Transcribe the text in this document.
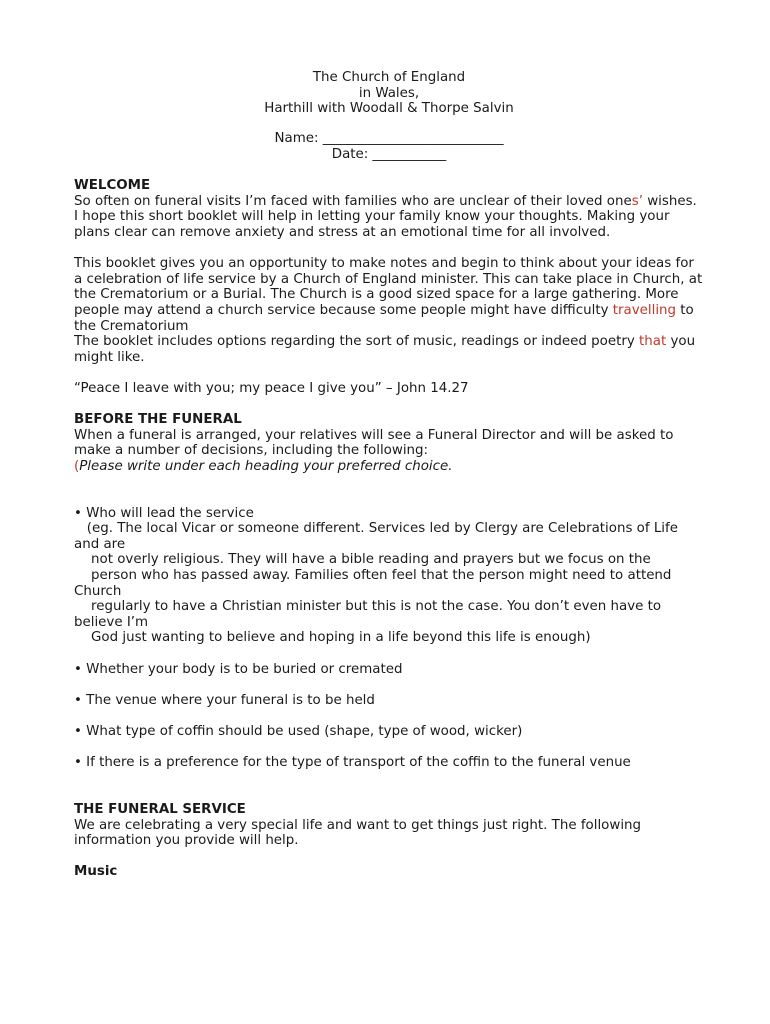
The Church of England

in Wales,

Harthill with Woodall & Thorpe Salvin

Name: ___________________________

Date: ___________

WELCOME

So often on funeral visits I’m faced with families who are unclear of their loved ones’ wishes. I hope this short booklet will help in letting your family know your thoughts. Making your plans clear can remove anxiety and stress at an emotional time for all involved.

This booklet gives you an opportunity to make notes and begin to think about your ideas for a celebration of life service by a Church of England minister. This can take place in Church, at the Crematorium or a Burial. The Church is a good sized space for a large gathering. More people may attend a church service because some people might have difficulty travelling to the Crematorium

The booklet includes options regarding the sort of music, readings or indeed poetry that you might like.

“Peace I leave with you; my peace I give you” – John 14.27

BEFORE THE FUNERAL

When a funeral is arranged, your relatives will see a Funeral Director and will be asked to make a number of decisions, including the following:

(Please write under each heading your preferred choice.

• Who will lead the service

(eg. The local Vicar or someone different. Services led by Clergy are Celebrations of Life and are

not overly religious. They will have a bible reading and prayers but we focus on the

person who has passed away. Families often feel that the person might need to attend Church

regularly to have a Christian minister but this is not the case. You don’t even have to believe I’m

God just wanting to believe and hoping in a life beyond this life is enough)

• Whether your body is to be buried or cremated

• The venue where your funeral is to be held

• What type of coffin should be used (shape, type of wood, wicker)

• If there is a preference for the type of transport of the coffin to the funeral venue

THE FUNERAL SERVICE

We are celebrating a very special life and want to get things just right. The following information you provide will help.

Music
